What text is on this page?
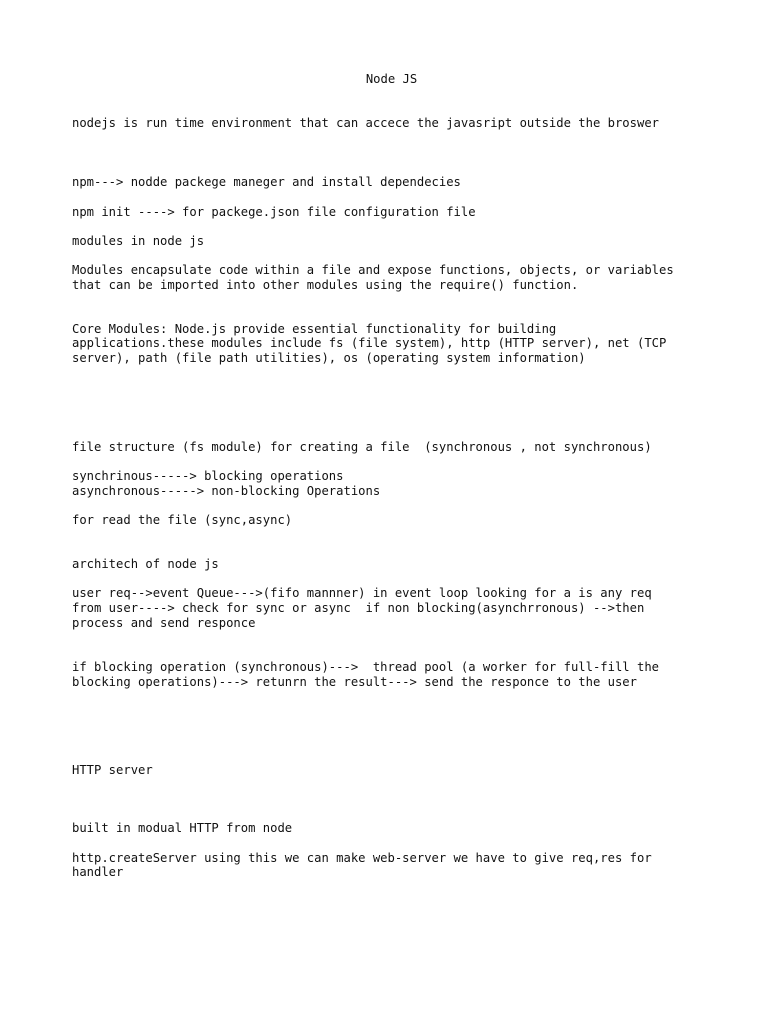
Node JS
nodejs is run time environment that can accece the javasript outside the broswer
npm---> nodde packege maneger and install dependecies
npm init ----> for packege.json file configuration file
modules in node js
Modules encapsulate code within a file and expose functions, objects, or variables
that can be imported into other modules using the require() function.
Core Modules: Node.js provide essential functionality for building
applications.these modules include fs (file system), http (HTTP server), net (TCP
server), path (file path utilities), os (operating system information)
file structure (fs module) for creating a file  (synchronous , not synchronous)
synchrinous-----> blocking operations
asynchronous-----> non-blocking Operations
for read the file (sync,async)
architech of node js
user req-->event Queue--->(fifo mannner) in event loop looking for a is any req
from user----> check for sync or async  if non blocking(asynchrronous) -->then
process and send responce
if blocking operation (synchronous)--->  thread pool (a worker for full-fill the
blocking operations)---> retunrn the result---> send the responce to the user
HTTP server
built in modual HTTP from node
http.createServer using this we can make web-server we have to give req,res for
handler
